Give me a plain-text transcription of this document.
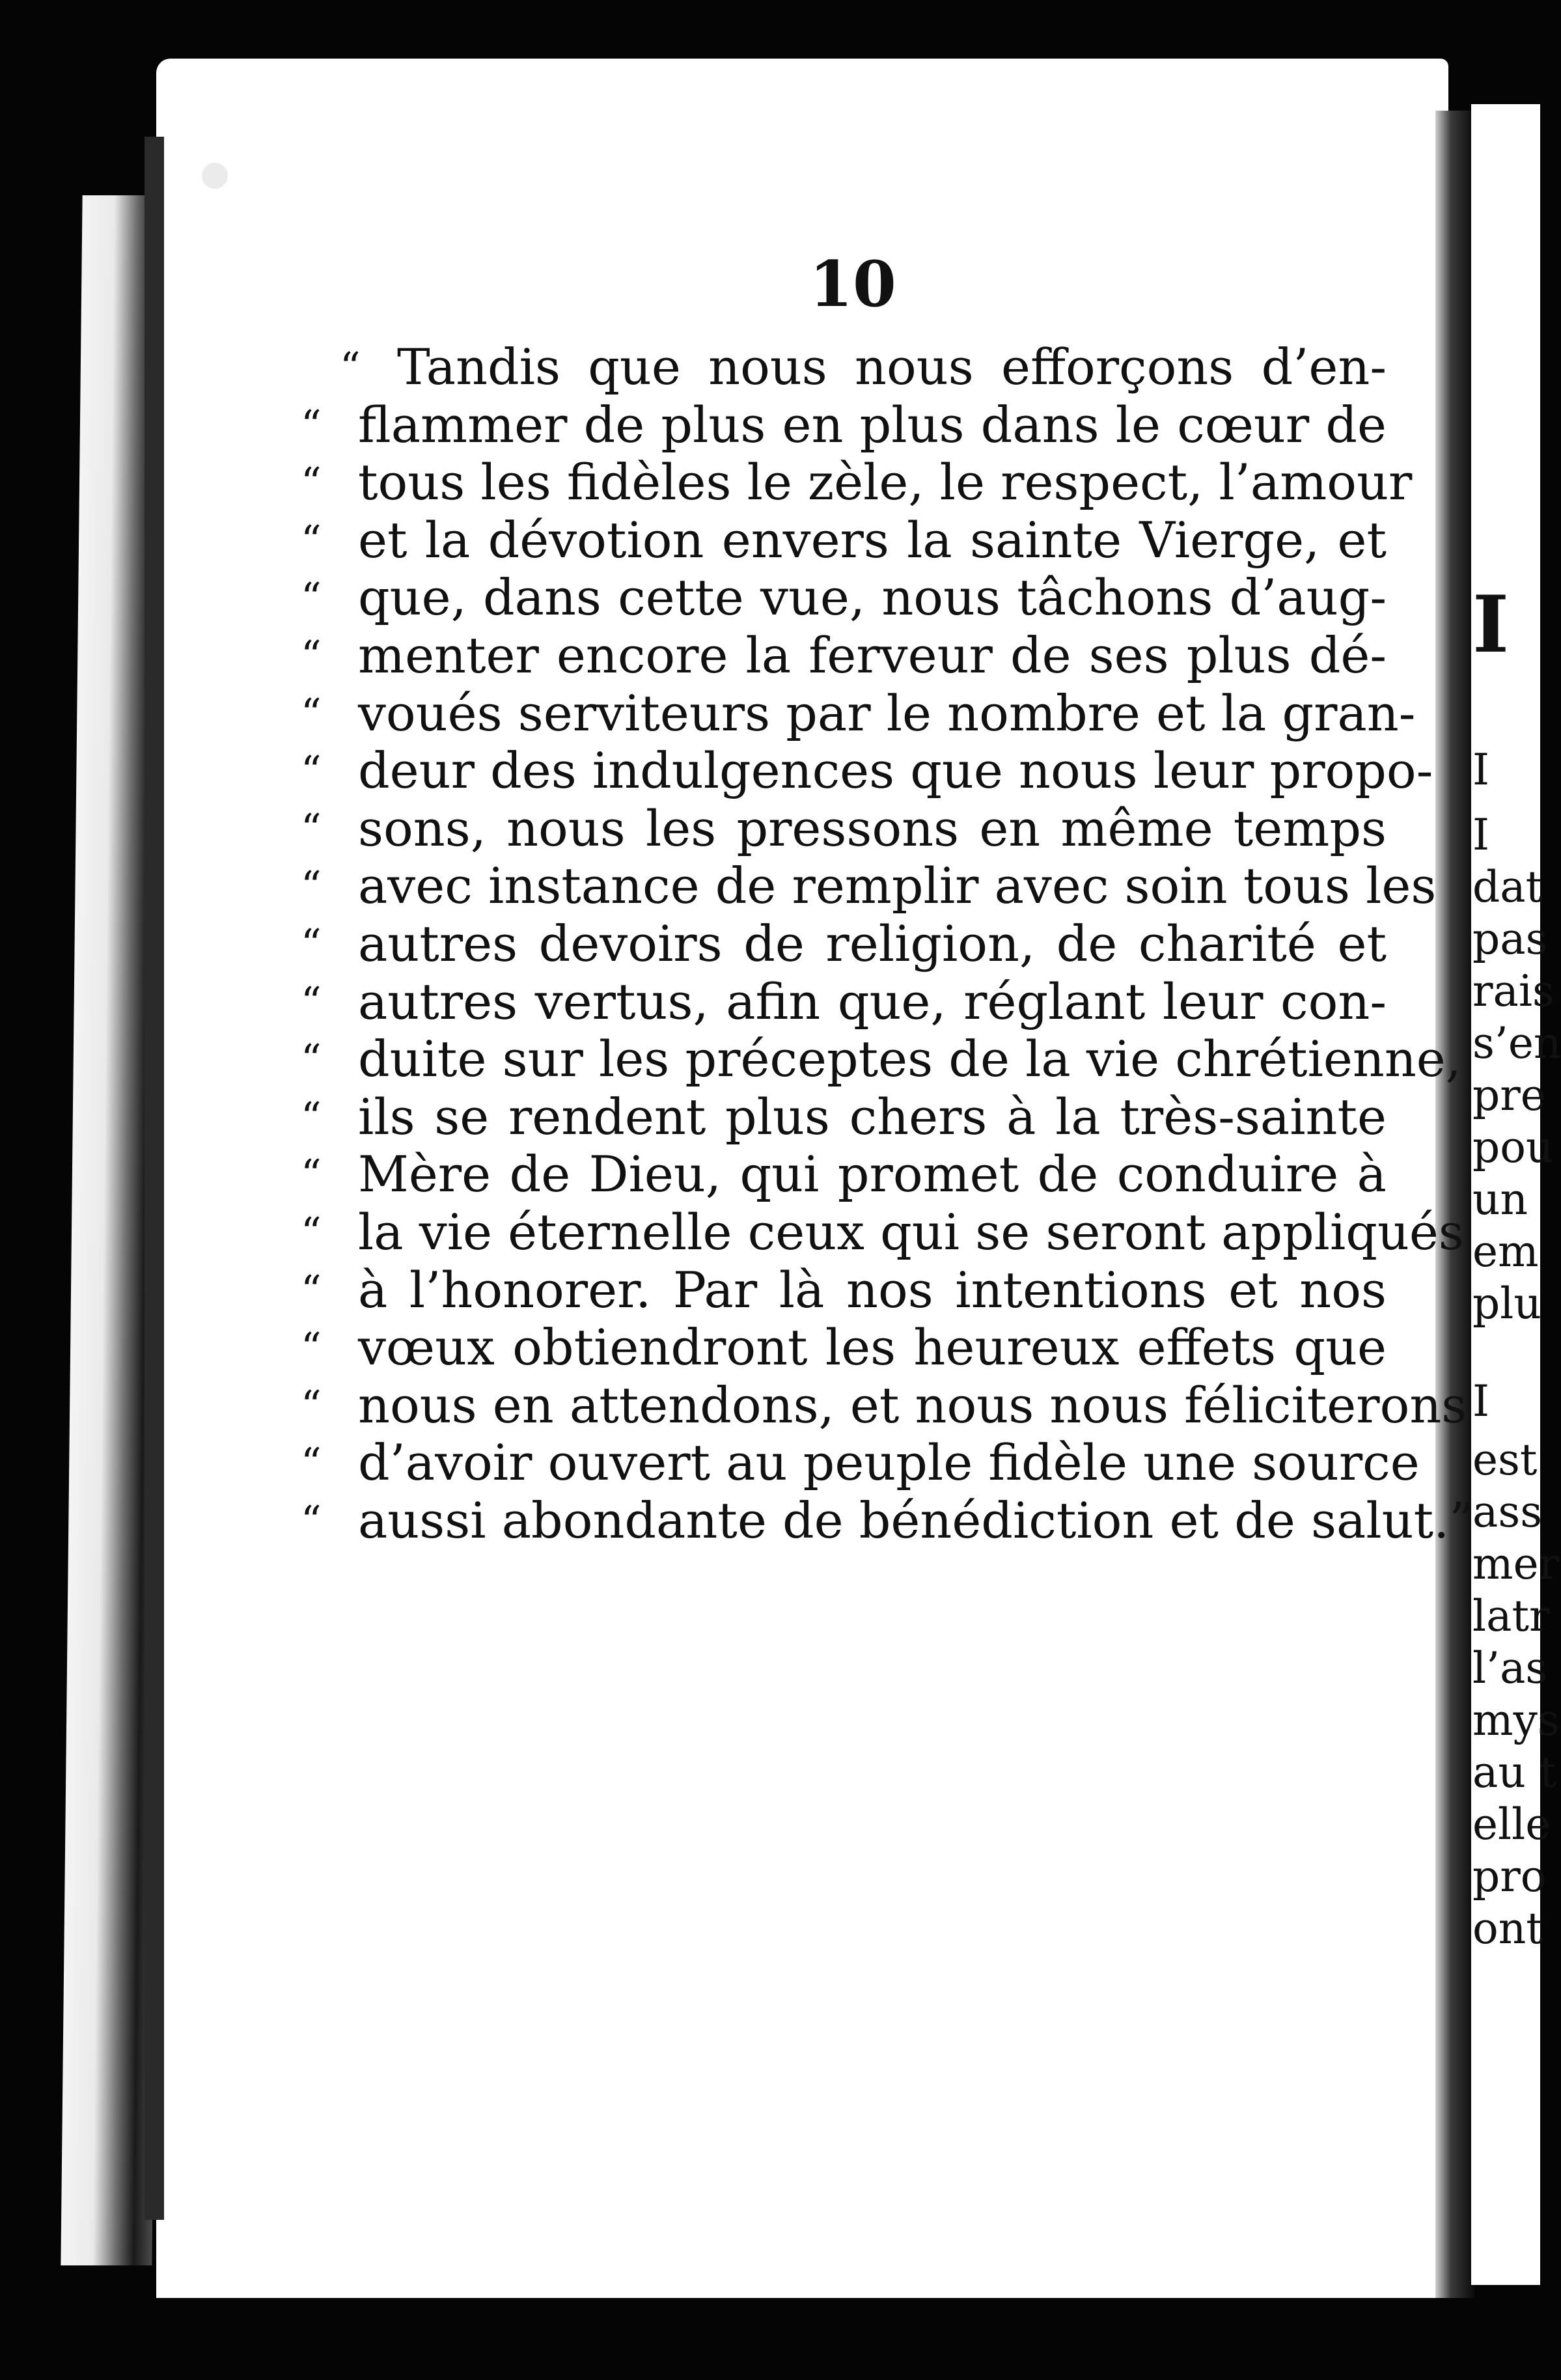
10
“ Tandis que nous nous efforçons d’en-
“ flammer de plus en plus dans le cœur de
“ tous les fidèles le zèle, le respect, l’amour
“ et la dévotion envers la sainte Vierge, et
“ que, dans cette vue, nous tâchons d’aug-
“ menter encore la ferveur de ses plus dé-
“ voués serviteurs par le nombre et la gran-
“ deur des indulgences que nous leur propo-
“ sons, nous les pressons en même temps
“ avec instance de remplir avec soin tous les
“ autres devoirs de religion, de charité et
“ autres vertus, afin que, réglant leur con-
“ duite sur les préceptes de la vie chrétienne,
“ ils se rendent plus chers à la très-sainte
“ Mère de Dieu, qui promet de conduire à
“ la vie éternelle ceux qui se seront appliqués
“ à l’honorer. Par là nos intentions et nos
“ vœux obtiendront les heureux effets que
“ nous en attendons, et nous nous féliciterons
“ d’avoir ouvert au peuple fidèle une source
“ aussi abondante de bénédiction et de salut.”
I
I
I
dat
pas
rais
s’en
pre
pou
un
em
plu
I
est
ass
mer
latr
l’as
mys
au t
elle
pro
ont
